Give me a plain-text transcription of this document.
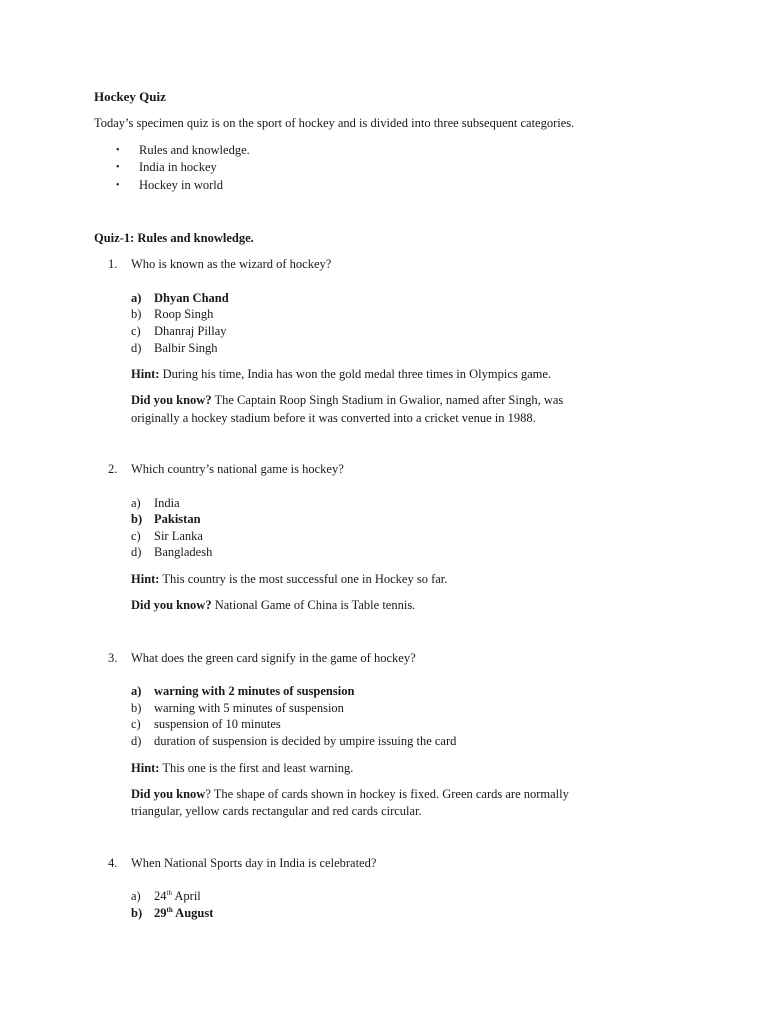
Hockey Quiz
Today’s specimen quiz is on the sport of hockey and is divided into three subsequent categories.
• Rules and knowledge.
• India in hockey
• Hockey in world
Quiz-1: Rules and knowledge.
1. Who is known as the wizard of hockey?
a) Dhyan Chand
b) Roop Singh
c) Dhanraj Pillay
d) Balbir Singh
Hint: During his time, India has won the gold medal three times in Olympics game.
Did you know? The Captain Roop Singh Stadium in Gwalior, named after Singh, was
originally a hockey stadium before it was converted into a cricket venue in 1988.
2. Which country’s national game is hockey?
a) India
b) Pakistan
c) Sir Lanka
d) Bangladesh
Hint: This country is the most successful one in Hockey so far.
Did you know? National Game of China is Table tennis.
3. What does the green card signify in the game of hockey?
a) warning with 2 minutes of suspension
b) warning with 5 minutes of suspension
c) suspension of 10 minutes
d) duration of suspension is decided by umpire issuing the card
Hint: This one is the first and least warning.
Did you know? The shape of cards shown in hockey is fixed. Green cards are normally
triangular, yellow cards rectangular and red cards circular.
4. When National Sports day in India is celebrated?
a) 24th April
b) 29th August
